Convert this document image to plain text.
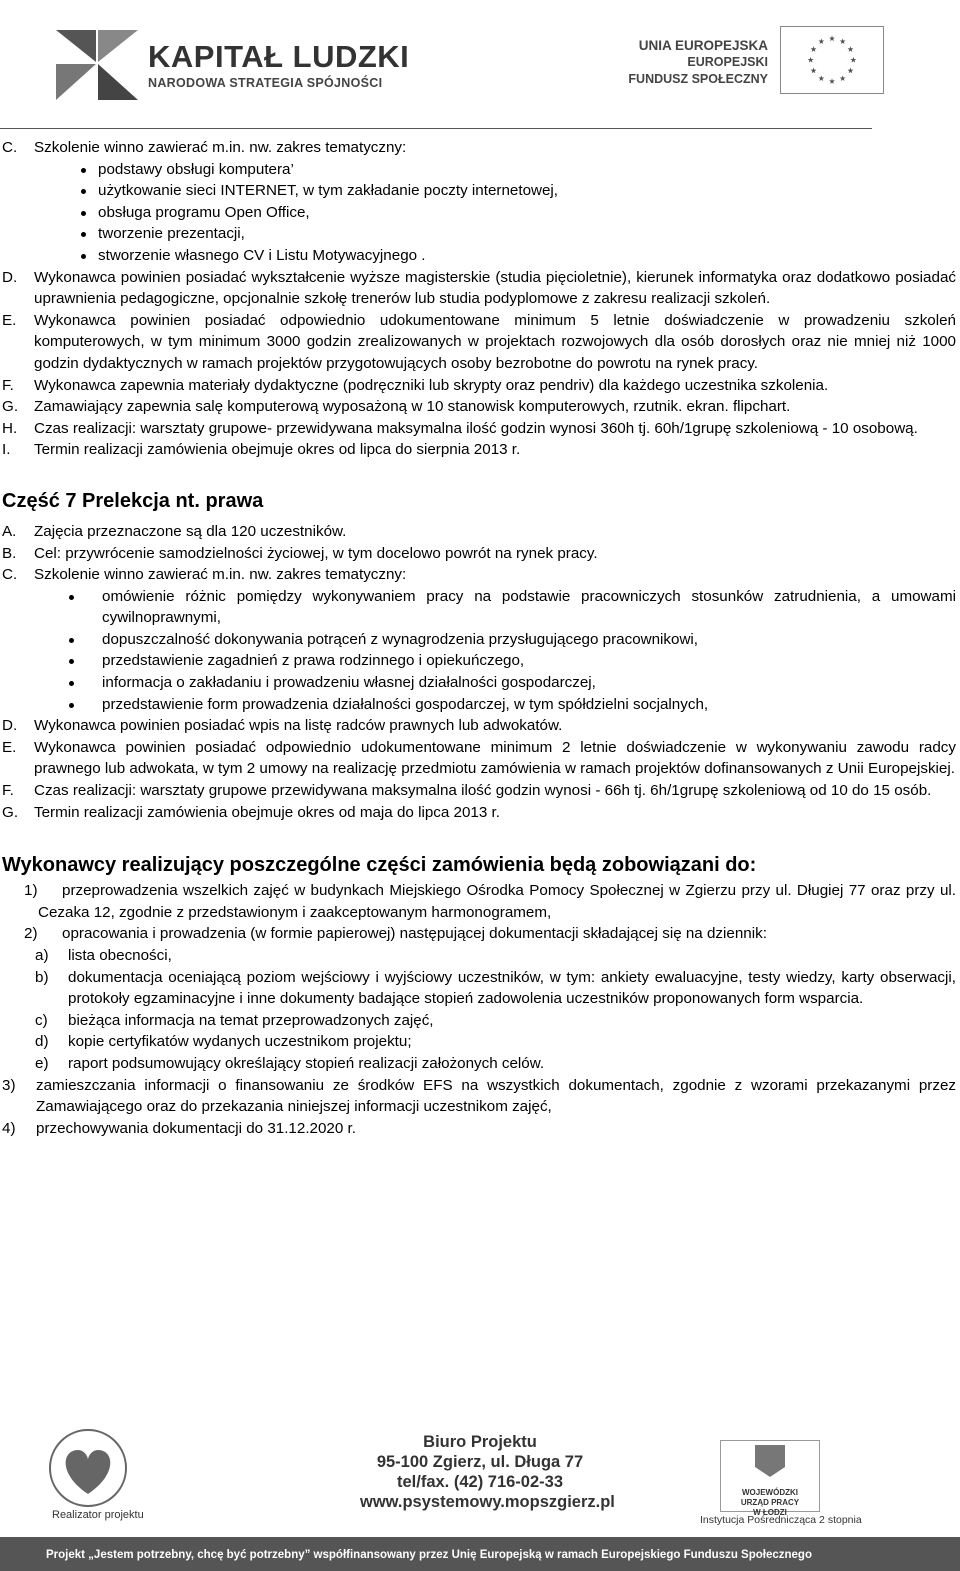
KAPITAŁ LUDZKI
NARODOWA STRATEGIA SPÓJNOŚCI
UNIA EUROPEJSKA
EUROPEJSKI
FUNDUSZ SPOŁECZNY
C. Szkolenie winno zawierać m.in. nw. zakres tematyczny:
podstawy obsługi komputera’
użytkowanie sieci INTERNET, w tym zakładanie poczty internetowej,
obsługa programu Open Office,
tworzenie prezentacji,
stworzenie własnego CV i Listu Motywacyjnego .
D. Wykonawca powinien posiadać wykształcenie wyższe magisterskie (studia pięcioletnie), kierunek informatyka oraz dodatkowo posiadać uprawnienia pedagogiczne, opcjonalnie szkołę trenerów lub studia podyplomowe z zakresu realizacji szkoleń.
E. Wykonawca powinien posiadać odpowiednio udokumentowane minimum 5 letnie doświadczenie w prowadzeniu szkoleń komputerowych, w tym minimum 3000 godzin zrealizowanych w projektach rozwojowych dla osób dorosłych oraz nie mniej niż 1000 godzin dydaktycznych w ramach projektów przygotowujących osoby bezrobotne do powrotu na rynek pracy.
F. Wykonawca zapewnia materiały dydaktyczne (podręczniki lub skrypty oraz pendriv) dla każdego uczestnika szkolenia.
G. Zamawiający zapewnia salę komputerową wyposażoną w 10 stanowisk komputerowych, rzutnik. ekran. flipchart.
H. Czas realizacji: warsztaty grupowe- przewidywana maksymalna ilość godzin wynosi 360h tj. 60h/1grupę szkoleniową - 10 osobową.
I. Termin realizacji zamówienia obejmuje okres od lipca do sierpnia 2013 r.
Część 7 Prelekcja nt. prawa
A. Zajęcia przeznaczone są dla 120 uczestników.
B. Cel: przywrócenie samodzielności życiowej, w tym docelowo powrót na rynek pracy.
C. Szkolenie winno zawierać m.in. nw. zakres tematyczny:
omówienie różnic pomiędzy wykonywaniem pracy na podstawie pracowniczych stosunków zatrudnienia, a umowami cywilnoprawnymi,
dopuszczalność dokonywania potrąceń z wynagrodzenia przysługującego pracownikowi,
przedstawienie zagadnień z prawa rodzinnego i opiekuńczego,
informacja o zakładaniu i prowadzeniu własnej działalności gospodarczej,
przedstawienie form prowadzenia działalności gospodarczej, w tym spółdzielni socjalnych,
D. Wykonawca powinien posiadać wpis na listę radców prawnych lub adwokatów.
E. Wykonawca powinien posiadać odpowiednio udokumentowane minimum 2 letnie doświadczenie w wykonywaniu zawodu radcy prawnego lub adwokata, w tym 2 umowy na realizację przedmiotu zamówienia w ramach projektów dofinansowanych z Unii Europejskiej.
F. Czas realizacji: warsztaty grupowe przewidywana maksymalna ilość godzin wynosi - 66h tj. 6h/1grupę szkoleniową od 10 do 15 osób.
G. Termin realizacji zamówienia obejmuje okres od maja do lipca 2013 r.
Wykonawcy realizujący poszczególne części zamówienia będą zobowiązani do:
1) przeprowadzenia wszelkich zajęć w budynkach Miejskiego Ośrodka Pomocy Społecznej w Zgierzu przy ul. Długiej 77 oraz przy ul. Cezaka 12, zgodnie z przedstawionym i zaakceptowanym harmonogramem,
2) opracowania i prowadzenia (w formie papierowej) następującej dokumentacji składającej się na dziennik:
a) lista obecności,
b) dokumentacja oceniającą poziom wejściowy i wyjściowy uczestników, w tym: ankiety ewaluacyjne, testy wiedzy, karty obserwacji, protokoły egzaminacyjne i inne dokumenty badające stopień zadowolenia uczestników proponowanych form wsparcia.
c) bieżąca informacja na temat przeprowadzonych zajęć,
d) kopie certyfikatów wydanych uczestnikom projektu;
e) raport podsumowujący określający stopień realizacji założonych celów.
3) zamieszczania informacji o finansowaniu ze środków EFS na wszystkich dokumentach, zgodnie z wzorami przekazanymi przez Zamawiającego oraz do przekazania niniejszej informacji uczestnikom zajęć,
4) przechowywania dokumentacji do 31.12.2020 r.
Realizator projektu
Biuro Projektu
95-100 Zgierz, ul. Długa 77
tel/fax. (42) 716-02-33
www.psystemowy.mopszgierz.pl
WOJEWÓDZKI
URZĄD PRACY
W ŁODZI
Instytucja Pośrednicząca 2 stopnia
Projekt „Jestem potrzebny, chcę być potrzebny” współfinansowany przez Unię Europejską w ramach Europejskiego Funduszu Społecznego
